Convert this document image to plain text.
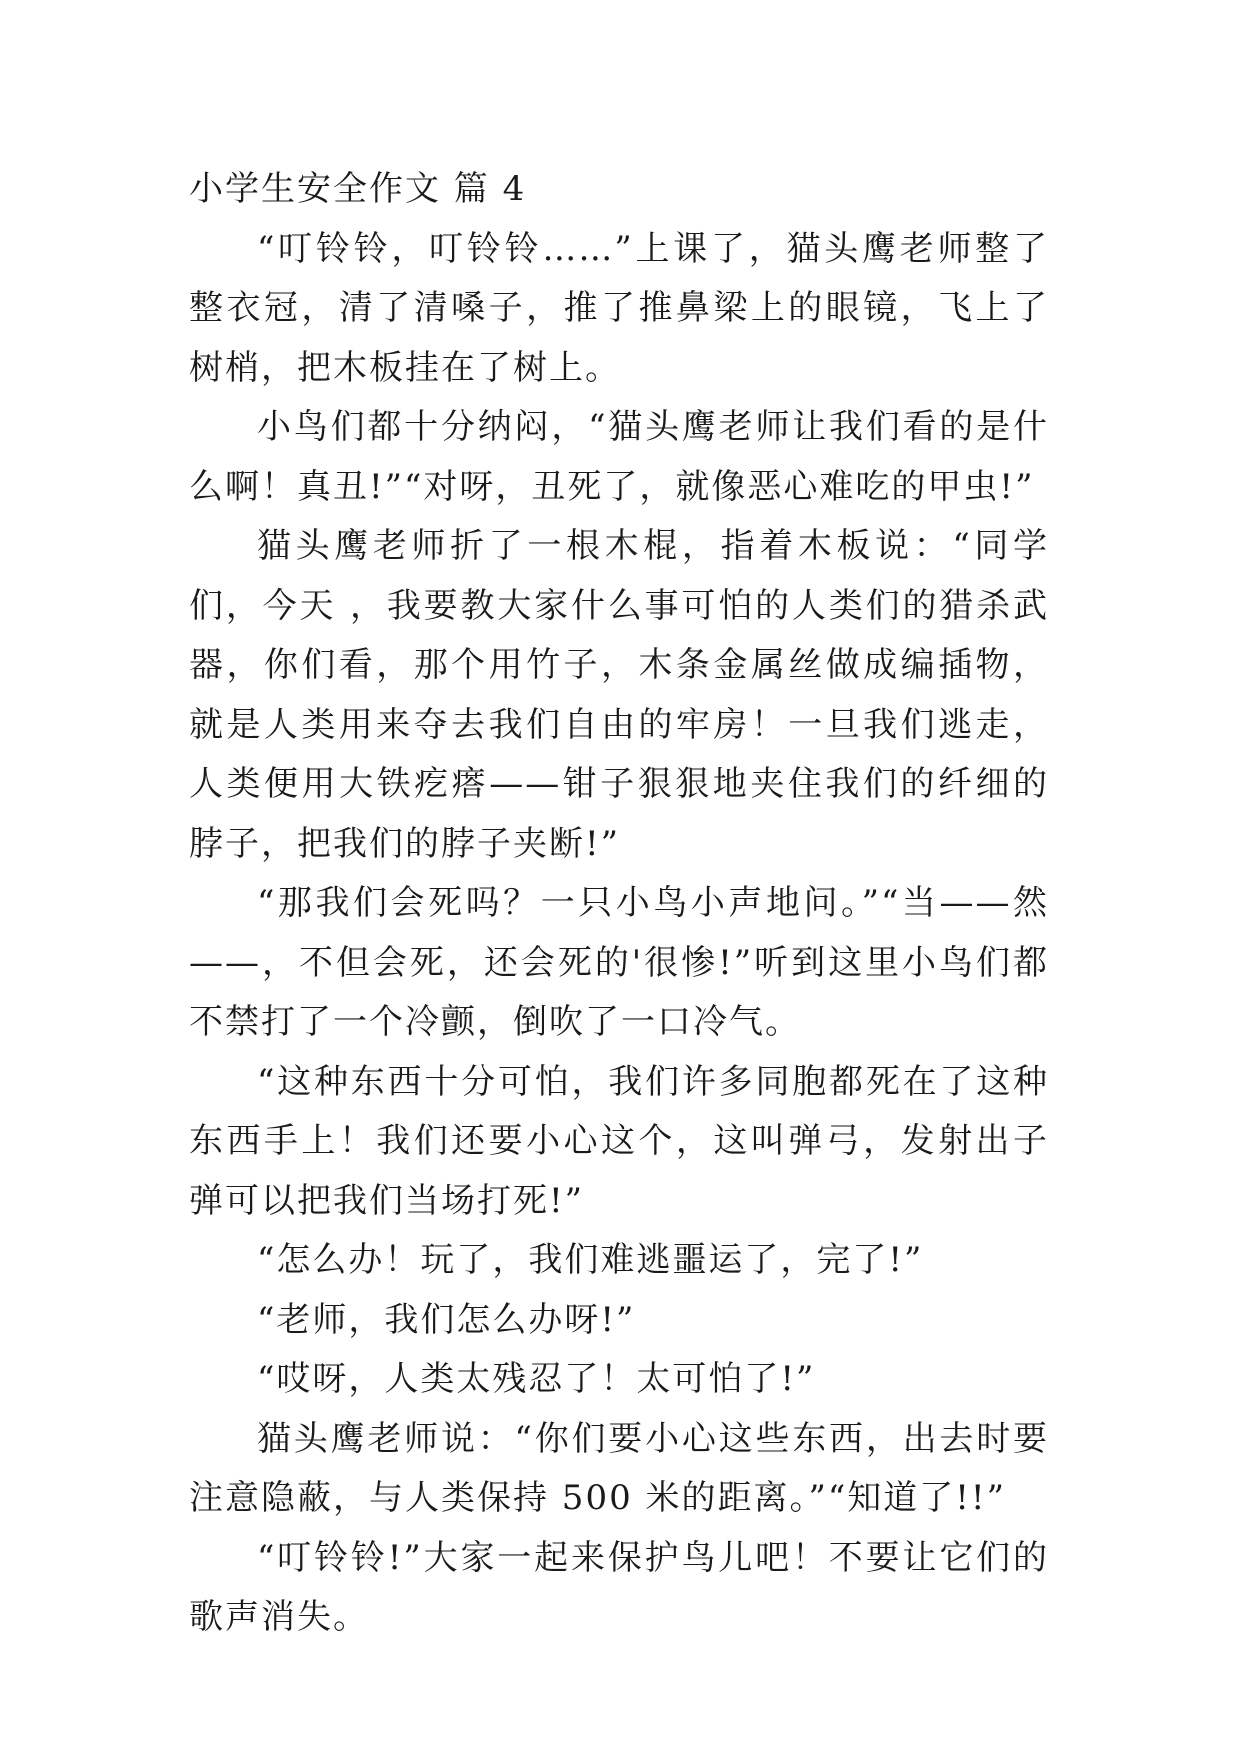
小学生安全作文 篇 4

“叮铃铃，叮铃铃……”上课了，猫头鹰老师整了整衣冠，清了清嗓子，推了推鼻梁上的眼镜，飞上了树梢，把木板挂在了树上。

小鸟们都十分纳闷，“猫头鹰老师让我们看的是什么啊！真丑!”“对呀，丑死了，就像恶心难吃的甲虫!”

猫头鹰老师折了一根木棍，指着木板说：“同学们，今天 ，我要教大家什么事可怕的人类们的猎杀武器，你们看，那个用竹子，木条金属丝做成编插物，就是人类用来夺去我们自由的牢房！一旦我们逃走，人类便用大铁疙瘩——钳子狠狠地夹住我们的纤细的脖子，把我们的脖子夹断!”

“那我们会死吗？一只小鸟小声地问。”“当——然——，不但会死，还会死的'很惨!”听到这里小鸟们都不禁打了一个冷颤，倒吹了一口冷气。

“这种东西十分可怕，我们许多同胞都死在了这种东西手上！我们还要小心这个，这叫弹弓，发射出子弹可以把我们当场打死!”

“怎么办！玩了，我们难逃噩运了，完了!”

“老师，我们怎么办呀!”

“哎呀，人类太残忍了！太可怕了!”

猫头鹰老师说：“你们要小心这些东西，出去时要注意隐蔽，与人类保持 500 米的距离。”“知道了!!”

“叮铃铃!”大家一起来保护鸟儿吧！不要让它们的歌声消失。
